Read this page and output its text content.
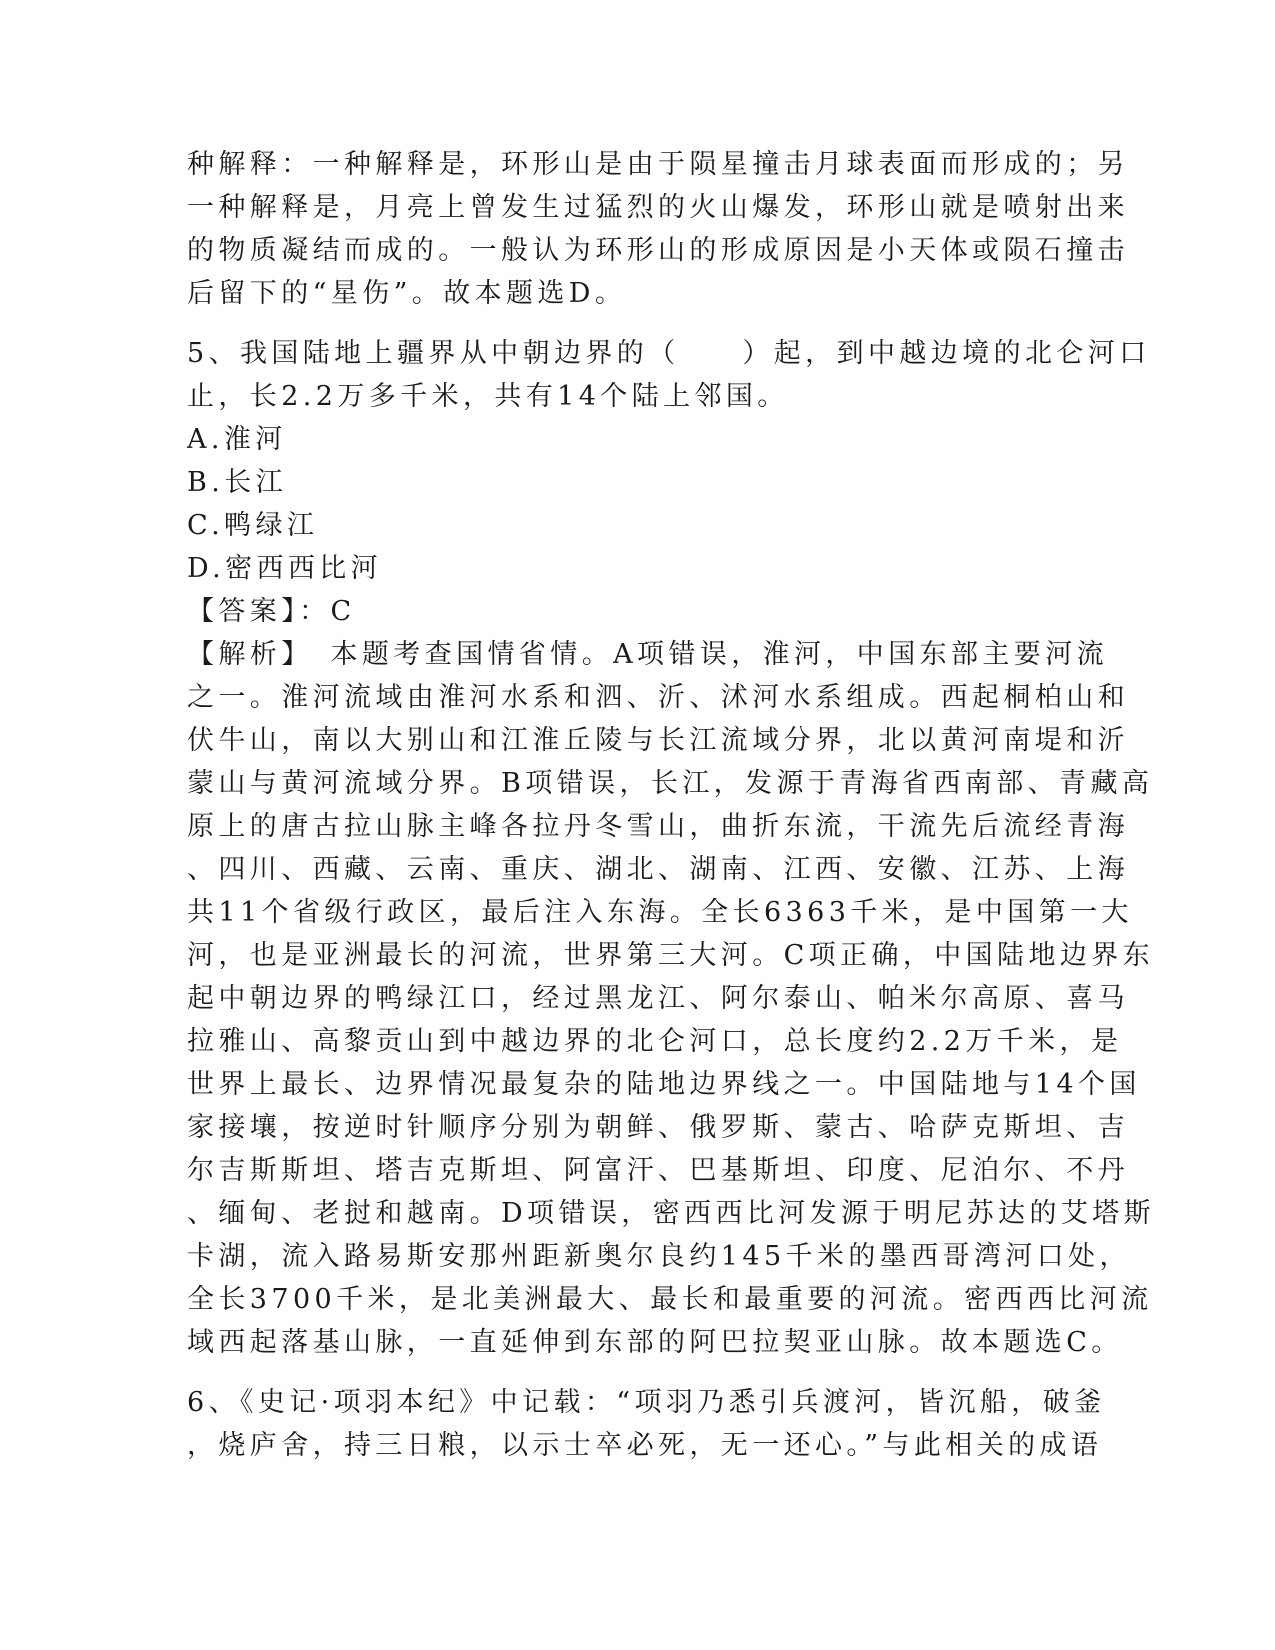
种解释：一种解释是，环形山是由于陨星撞击月球表面而形成的；另
一种解释是，月亮上曾发生过猛烈的火山爆发，环形山就是喷射出来
的物质凝结而成的。一般认为环形山的形成原因是小天体或陨石撞击
后留下的“星伤”。故本题选D。
5、我国陆地上疆界从中朝边界的（　　）起，到中越边境的北仑河口
止，长2.2万多千米，共有14个陆上邻国。
A.淮河
B.长江
C.鸭绿江
D.密西西比河
【答案】：C
【解析】　本题考查国情省情。A项错误，淮河，中国东部主要河流
之一。淮河流域由淮河水系和泗、沂、沭河水系组成。西起桐柏山和
伏牛山，南以大别山和江淮丘陵与长江流域分界，北以黄河南堤和沂
蒙山与黄河流域分界。B项错误，长江，发源于青海省西南部、青藏高
原上的唐古拉山脉主峰各拉丹冬雪山，曲折东流，干流先后流经青海
、四川、西藏、云南、重庆、湖北、湖南、江西、安徽、江苏、上海
共11个省级行政区，最后注入东海。全长6363千米，是中国第一大
河，也是亚洲最长的河流，世界第三大河。C项正确，中国陆地边界东
起中朝边界的鸭绿江口，经过黑龙江、阿尔泰山、帕米尔高原、喜马
拉雅山、高黎贡山到中越边界的北仑河口，总长度约2.2万千米，是
世界上最长、边界情况最复杂的陆地边界线之一。中国陆地与14个国
家接壤，按逆时针顺序分别为朝鲜、俄罗斯、蒙古、哈萨克斯坦、吉
尔吉斯斯坦、塔吉克斯坦、阿富汗、巴基斯坦、印度、尼泊尔、不丹
、缅甸、老挝和越南。D项错误，密西西比河发源于明尼苏达的艾塔斯
卡湖，流入路易斯安那州距新奥尔良约145千米的墨西哥湾河口处，
全长3700千米，是北美洲最大、最长和最重要的河流。密西西比河流
域西起落基山脉，一直延伸到东部的阿巴拉契亚山脉。故本题选C。
6、《史记·项羽本纪》中记载：“项羽乃悉引兵渡河，皆沉船，破釜
，烧庐舍，持三日粮，以示士卒必死，无一还心。”与此相关的成语
